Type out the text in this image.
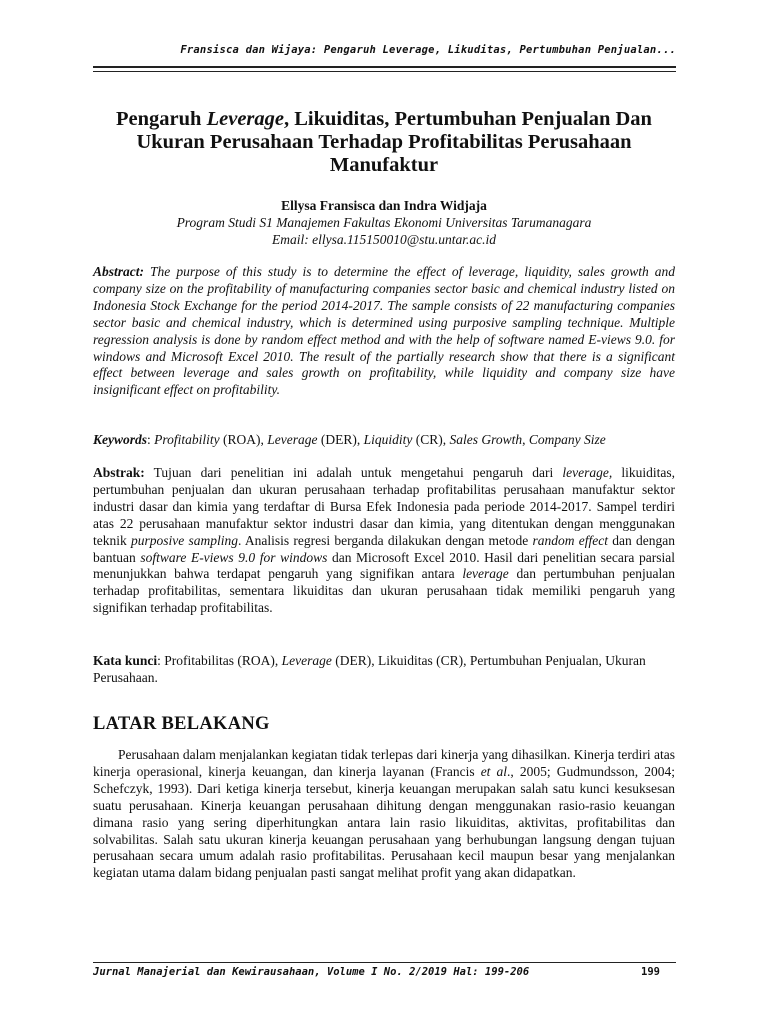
Fransisca dan Wijaya: Pengaruh Leverage, Likuditas, Pertumbuhan Penjualan...
Pengaruh Leverage, Likuiditas, Pertumbuhan Penjualan Dan Ukuran Perusahaan Terhadap Profitabilitas Perusahaan Manufaktur
Ellysa Fransisca dan Indra Widjaja
Program Studi S1 Manajemen Fakultas Ekonomi Universitas Tarumanagara
Email: ellysa.115150010@stu.untar.ac.id
Abstract: The purpose of this study is to determine the effect of leverage, liquidity, sales growth and company size on the profitability of manufacturing companies sector basic and chemical industry listed on Indonesia Stock Exchange for the period 2014-2017. The sample consists of 22 manufacturing companies sector basic and chemical industry, which is determined using purposive sampling technique. Multiple regression analysis is done by random effect method and with the help of software named E-views 9.0. for windows and Microsoft Excel 2010. The result of the partially research show that there is a significant effect between leverage and sales growth on profitability, while liquidity and company size have insignificant effect on profitability.
Keywords: Profitability (ROA), Leverage (DER), Liquidity (CR), Sales Growth, Company Size
Abstrak: Tujuan dari penelitian ini adalah untuk mengetahui pengaruh dari leverage, likuiditas, pertumbuhan penjualan dan ukuran perusahaan terhadap profitabilitas perusahaan manufaktur sektor industri dasar dan kimia yang terdaftar di Bursa Efek Indonesia pada periode 2014-2017. Sampel terdiri atas 22 perusahaan manufaktur sektor industri dasar dan kimia, yang ditentukan dengan menggunakan teknik purposive sampling. Analisis regresi berganda dilakukan dengan metode random effect dan dengan bantuan software E-views 9.0 for windows dan Microsoft Excel 2010. Hasil dari penelitian secara parsial menunjukkan bahwa terdapat pengaruh yang signifikan antara leverage dan pertumbuhan penjualan terhadap profitabilitas, sementara likuiditas dan ukuran perusahaan tidak memiliki pengaruh yang signifikan terhadap profitabilitas.
Kata kunci: Profitabilitas (ROA), Leverage (DER), Likuiditas (CR), Pertumbuhan Penjualan, Ukuran Perusahaan.
LATAR BELAKANG
Perusahaan dalam menjalankan kegiatan tidak terlepas dari kinerja yang dihasilkan. Kinerja terdiri atas kinerja operasional, kinerja keuangan, dan kinerja layanan (Francis et al., 2005; Gudmundsson, 2004; Schefczyk, 1993). Dari ketiga kinerja tersebut, kinerja keuangan merupakan salah satu kunci kesuksesan suatu perusahaan. Kinerja keuangan perusahaan dihitung dengan menggunakan rasio-rasio keuangan dimana rasio yang sering diperhitungkan antara lain rasio likuiditas, aktivitas, profitabilitas dan solvabilitas. Salah satu ukuran kinerja keuangan perusahaan yang berhubungan langsung dengan tujuan perusahaan secara umum adalah rasio profitabilitas. Perusahaan kecil maupun besar yang menjalankan kegiatan utama dalam bidang penjualan pasti sangat melihat profit yang akan didapatkan.
Jurnal Manajerial dan Kewirausahaan, Volume I No. 2/2019 Hal: 199-206	199
